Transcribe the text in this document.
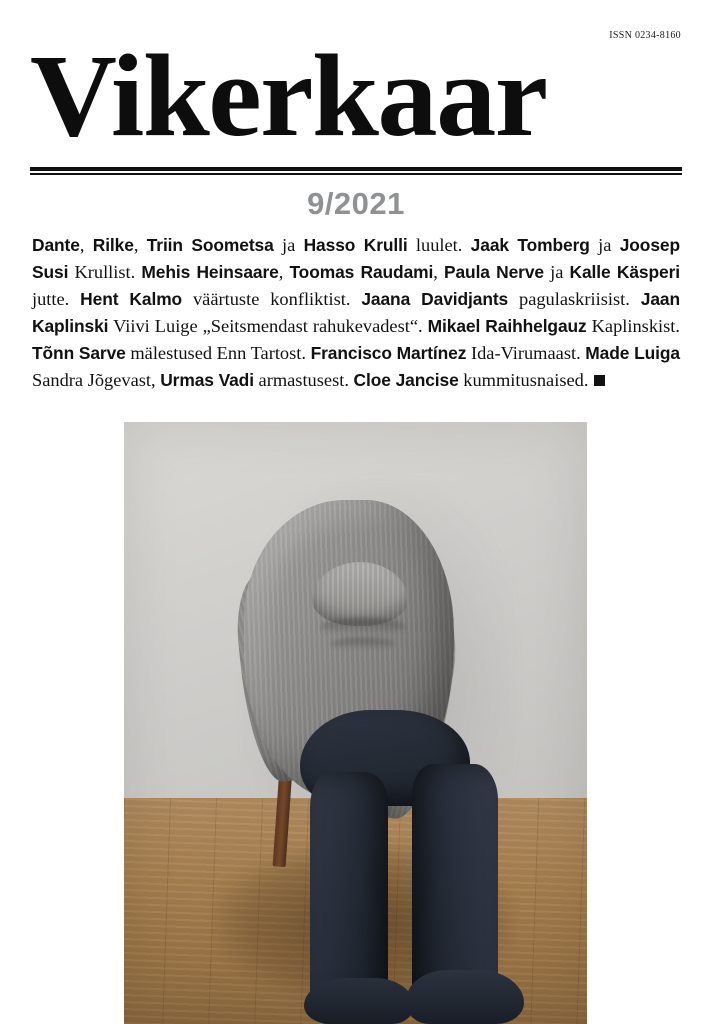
ISSN 0234-8160
Vikerkaar
9/2021
Dante, Rilke, Triin Soometsa ja Hasso Krulli luulet. Jaak Tomberg ja Joosep Susi Krullist. Mehis Heinsaare, Toomas Raudami, Paula Nerve ja Kalle Käsperi jutte. Hent Kalmo väärtuste konfliktist. Jaana Davidjants pagulaskriisist. Jaan Kaplinski Viivi Luige „Seitsmendast rahukevadest“. Mikael Raihhelgauz Kaplinskist. Tõnn Sarve mälestused Enn Tartost. Francisco Martínez Ida-Virumaast. Made Luiga Sandra Jõgevast, Urmas Vadi armastusest. Cloe Jancise kummitusnaised.
